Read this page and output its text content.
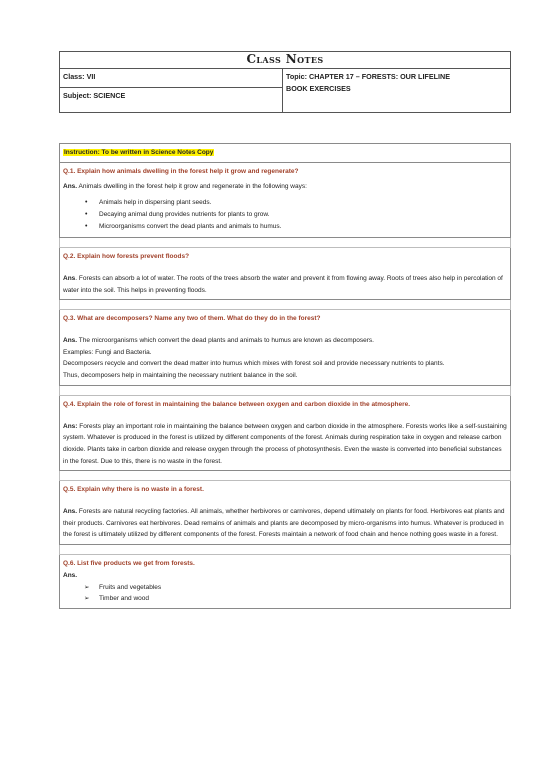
Class Notes
Class: VII	Topic: CHAPTER 17 – FORESTS: OUR LIFELINE
BOOK EXERCISES

Subject: SCIENCE
Instruction: To be written in Science Notes Copy

Q.1. Explain how animals dwelling in the forest help it grow and regenerate?
Ans. Animals dwelling in the forest help it grow and regenerate in the following ways:
• Animals help in dispersing plant seeds.
• Decaying animal dung provides nutrients for plants to grow.
• Microorganisms convert the dead plants and animals to humus.

Q.2. Explain how forests prevent floods?
Ans. Forests can absorb a lot of water. The roots of the trees absorb the water and prevent it from flowing away. Roots of trees also help in percolation of water into the soil. This helps in preventing floods.

Q.3. What are decomposers? Name any two of them. What do they do in the forest?
Ans. The microorganisms which convert the dead plants and animals to humus are known as decomposers.
Examples: Fungi and Bacteria.
Decomposers recycle and convert the dead matter into humus which mixes with forest soil and provide necessary nutrients to plants.
Thus, decomposers help in maintaining the necessary nutrient balance in the soil.

Q.4. Explain the role of forest in maintaining the balance between oxygen and carbon dioxide in the atmosphere.
Ans: Forests play an important role in maintaining the balance between oxygen and carbon dioxide in the atmosphere. Forests works like a self-sustaining system. Whatever is produced in the forest is utilized by different components of the forest. Animals during respiration take in oxygen and release carbon dioxide. Plants take in carbon dioxide and release oxygen through the process of photosynthesis. Even the waste is converted into beneficial substances in the forest. Due to this, there is no waste in the forest.

Q.5. Explain why there is no waste in a forest.
Ans. Forests are natural recycling factories. All animals, whether herbivores or carnivores, depend ultimately on plants for food. Herbivores eat plants and their products. Carnivores eat herbivores. Dead remains of animals and plants are decomposed by micro-organisms into humus. Whatever is produced in the forest is ultimately utilized by different components of the forest. Forests maintain a network of food chain and hence nothing goes waste in a forest.

Q.6. List five products we get from forests.
Ans.
➢ Fruits and vegetables
➢ Timber and wood
